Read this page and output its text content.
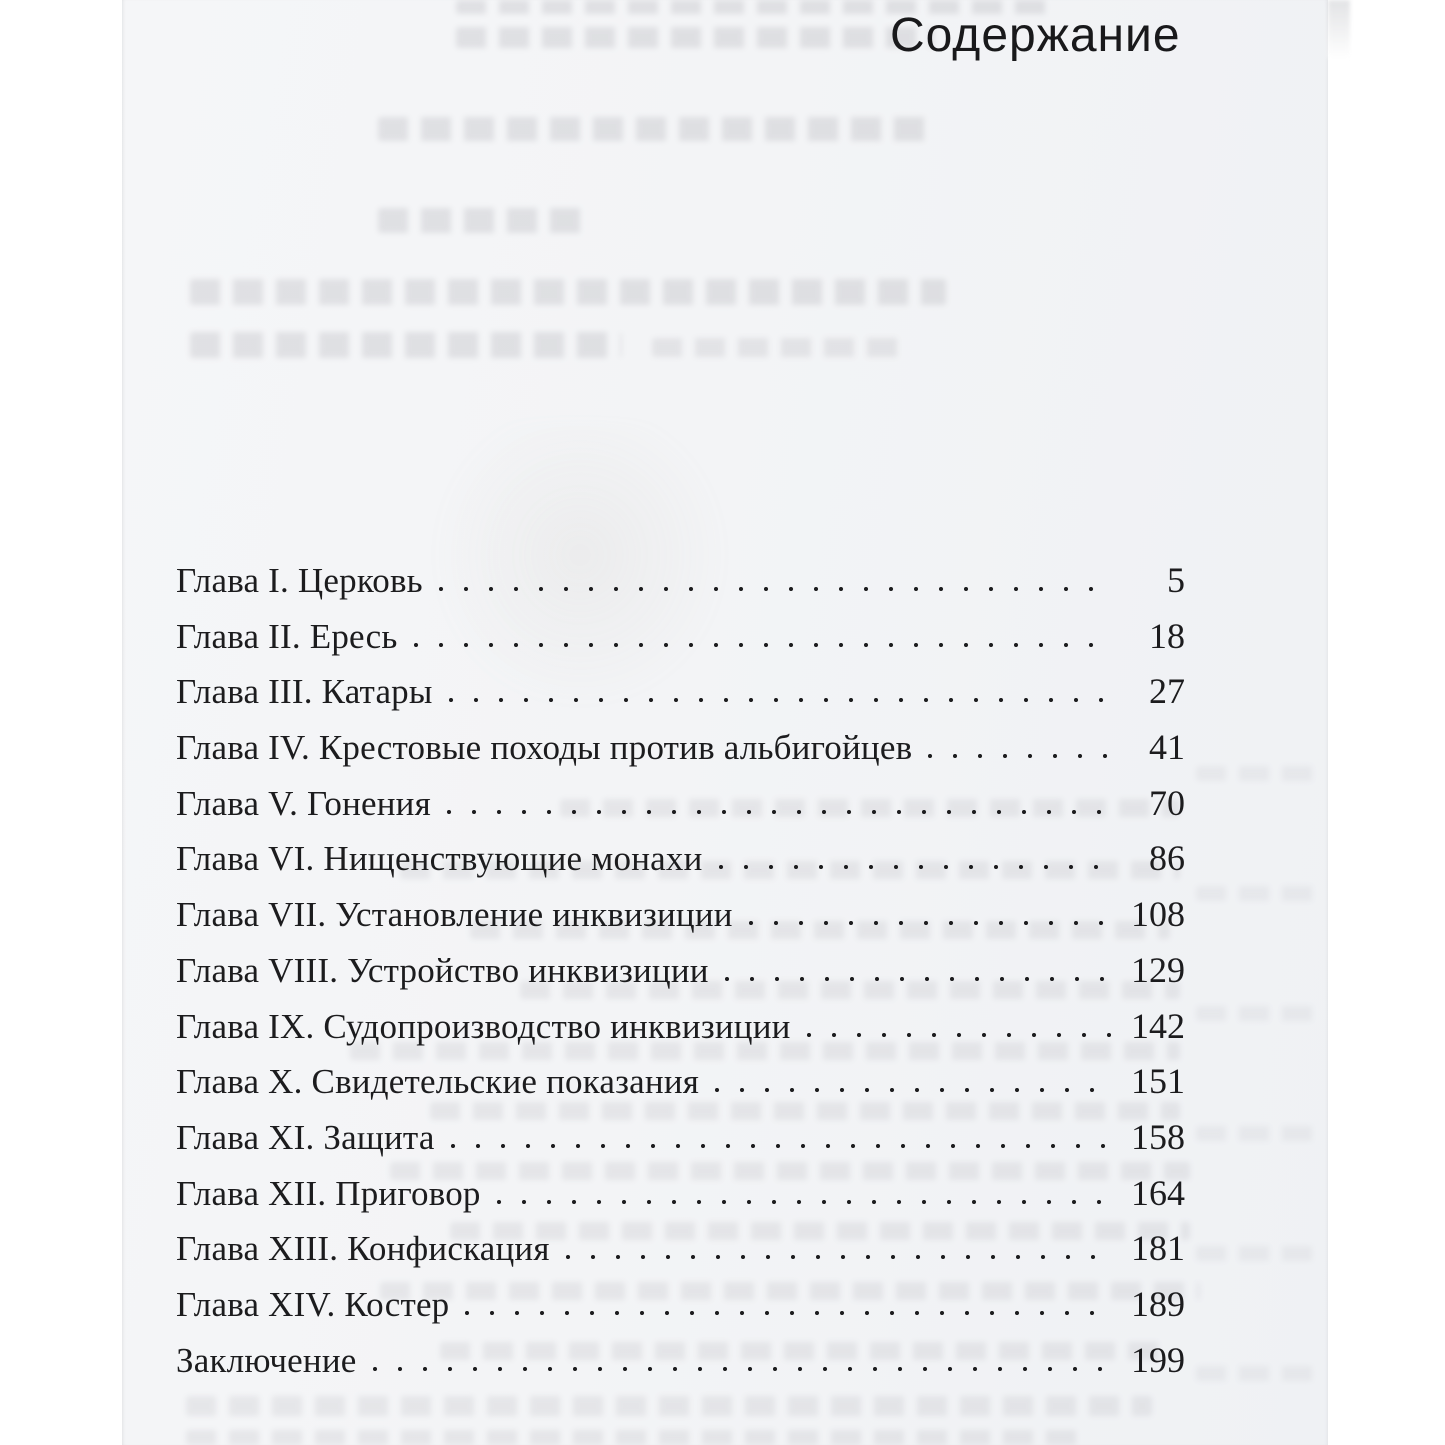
Содержание
Глава I. Церковь	5
Глава II. Ересь	18
Глава III. Катары	27
Глава IV. Крестовые походы против альбигойцев	41
Глава V. Гонения	70
Глава VI. Нищенствующие монахи	86
Глава VII. Установление инквизиции	108
Глава VIII. Устройство инквизиции	129
Глава IX. Судопроизводство инквизиции	142
Глава X. Свидетельские показания	151
Глава XI. Защита	158
Глава XII. Приговор	164
Глава XIII. Конфискация	181
Глава XIV. Костер	189
Заключение	199
